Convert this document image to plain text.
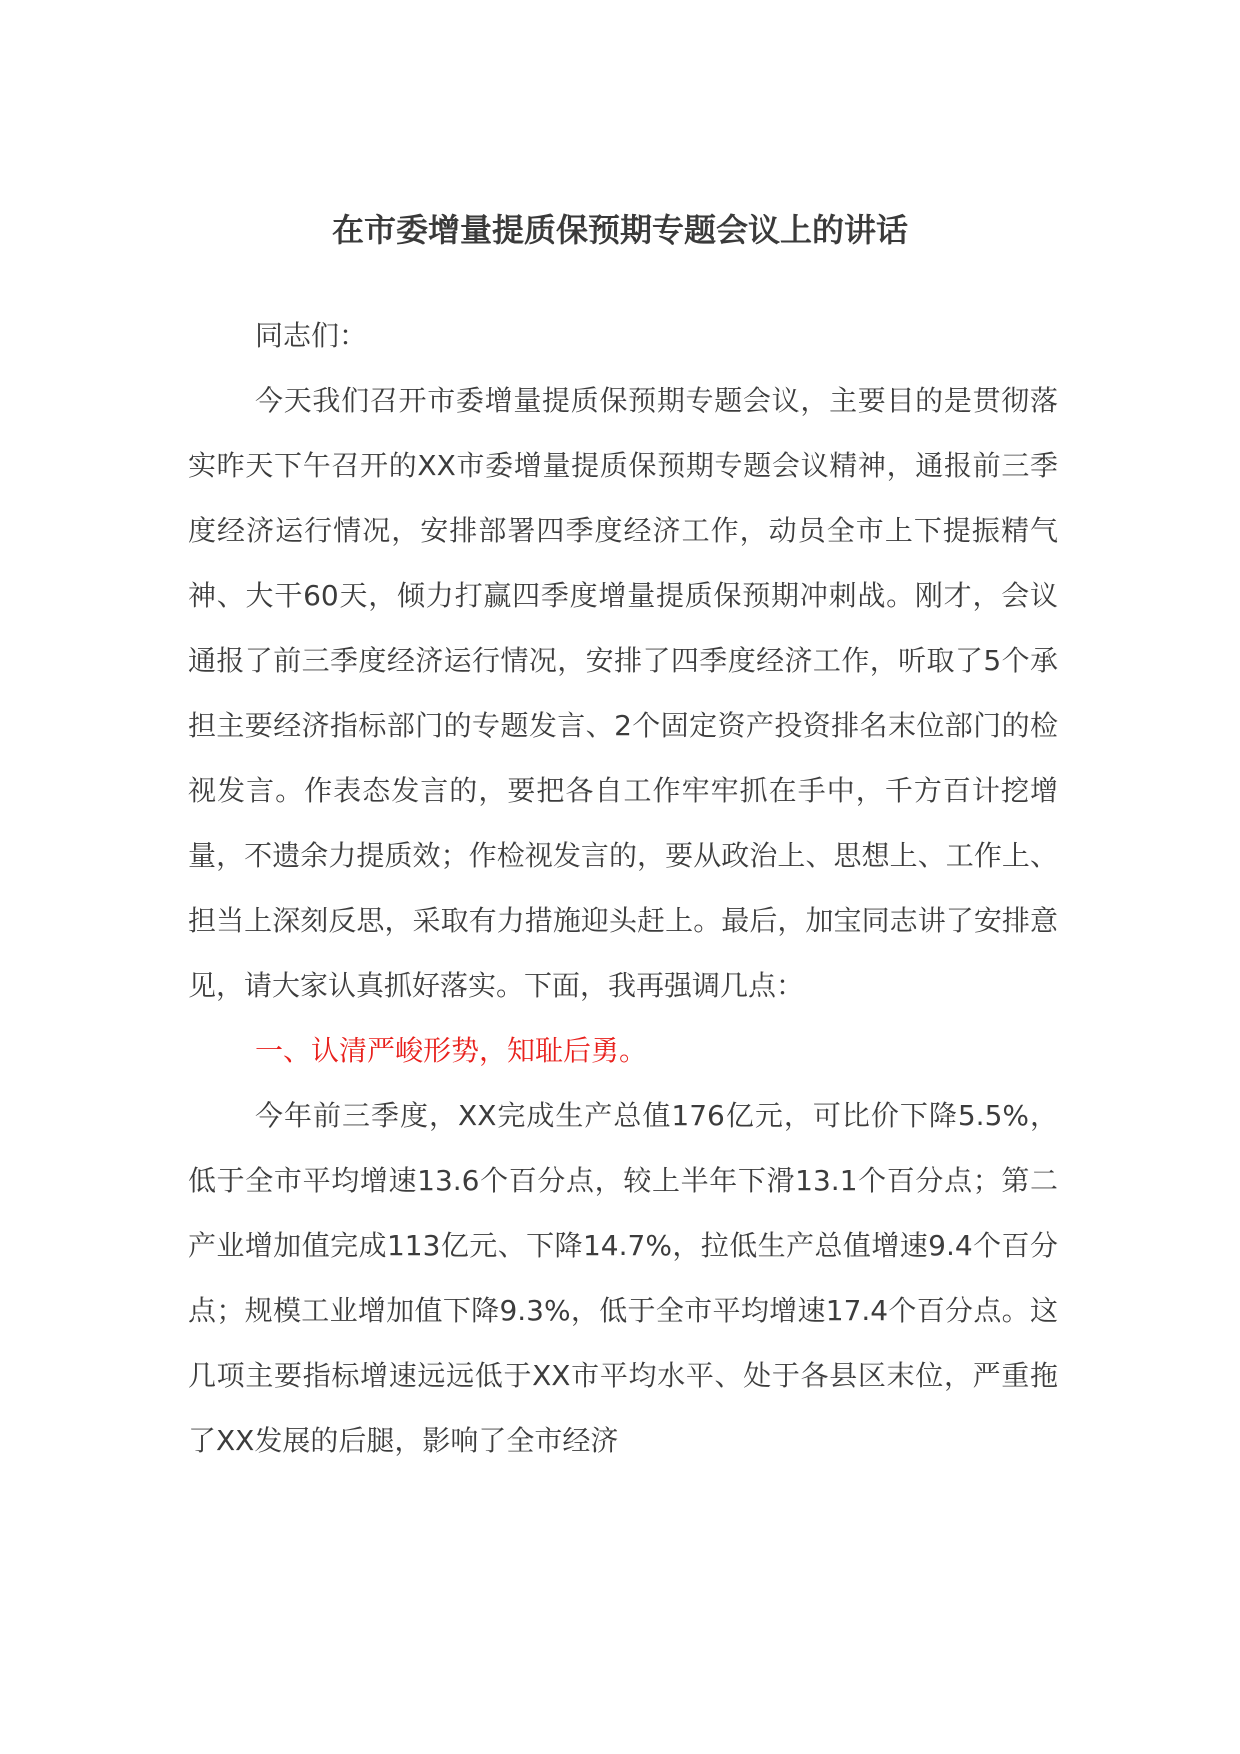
在市委增量提质保预期专题会议上的讲话

同志们：

今天我们召开市委增量提质保预期专题会议，主要目的是贯彻落实昨天下午召开的XX市委增量提质保预期专题会议精神，通报前三季度经济运行情况，安排部署四季度经济工作，动员全市上下提振精气神、大干60天，倾力打赢四季度增量提质保预期冲刺战。刚才，会议通报了前三季度经济运行情况，安排了四季度经济工作，听取了5个承担主要经济指标部门的专题发言、2个固定资产投资排名末位部门的检视发言。作表态发言的，要把各自工作牢牢抓在手中，千方百计挖增量，不遗余力提质效；作检视发言的，要从政治上、思想上、工作上、担当上深刻反思，采取有力措施迎头赶上。最后，加宝同志讲了安排意见，请大家认真抓好落实。下面，我再强调几点：

一、认清严峻形势，知耻后勇。

今年前三季度，XX完成生产总值176亿元，可比价下降5.5%，低于全市平均增速13.6个百分点，较上半年下滑13.1个百分点；第二产业增加值完成113亿元、下降14.7%，拉低生产总值增速9.4个百分点；规模工业增加值下降9.3%，低于全市平均增速17.4个百分点。这几项主要指标增速远远低于XX市平均水平、处于各县区末位，严重拖了XX发展的后腿，影响了全市经济
